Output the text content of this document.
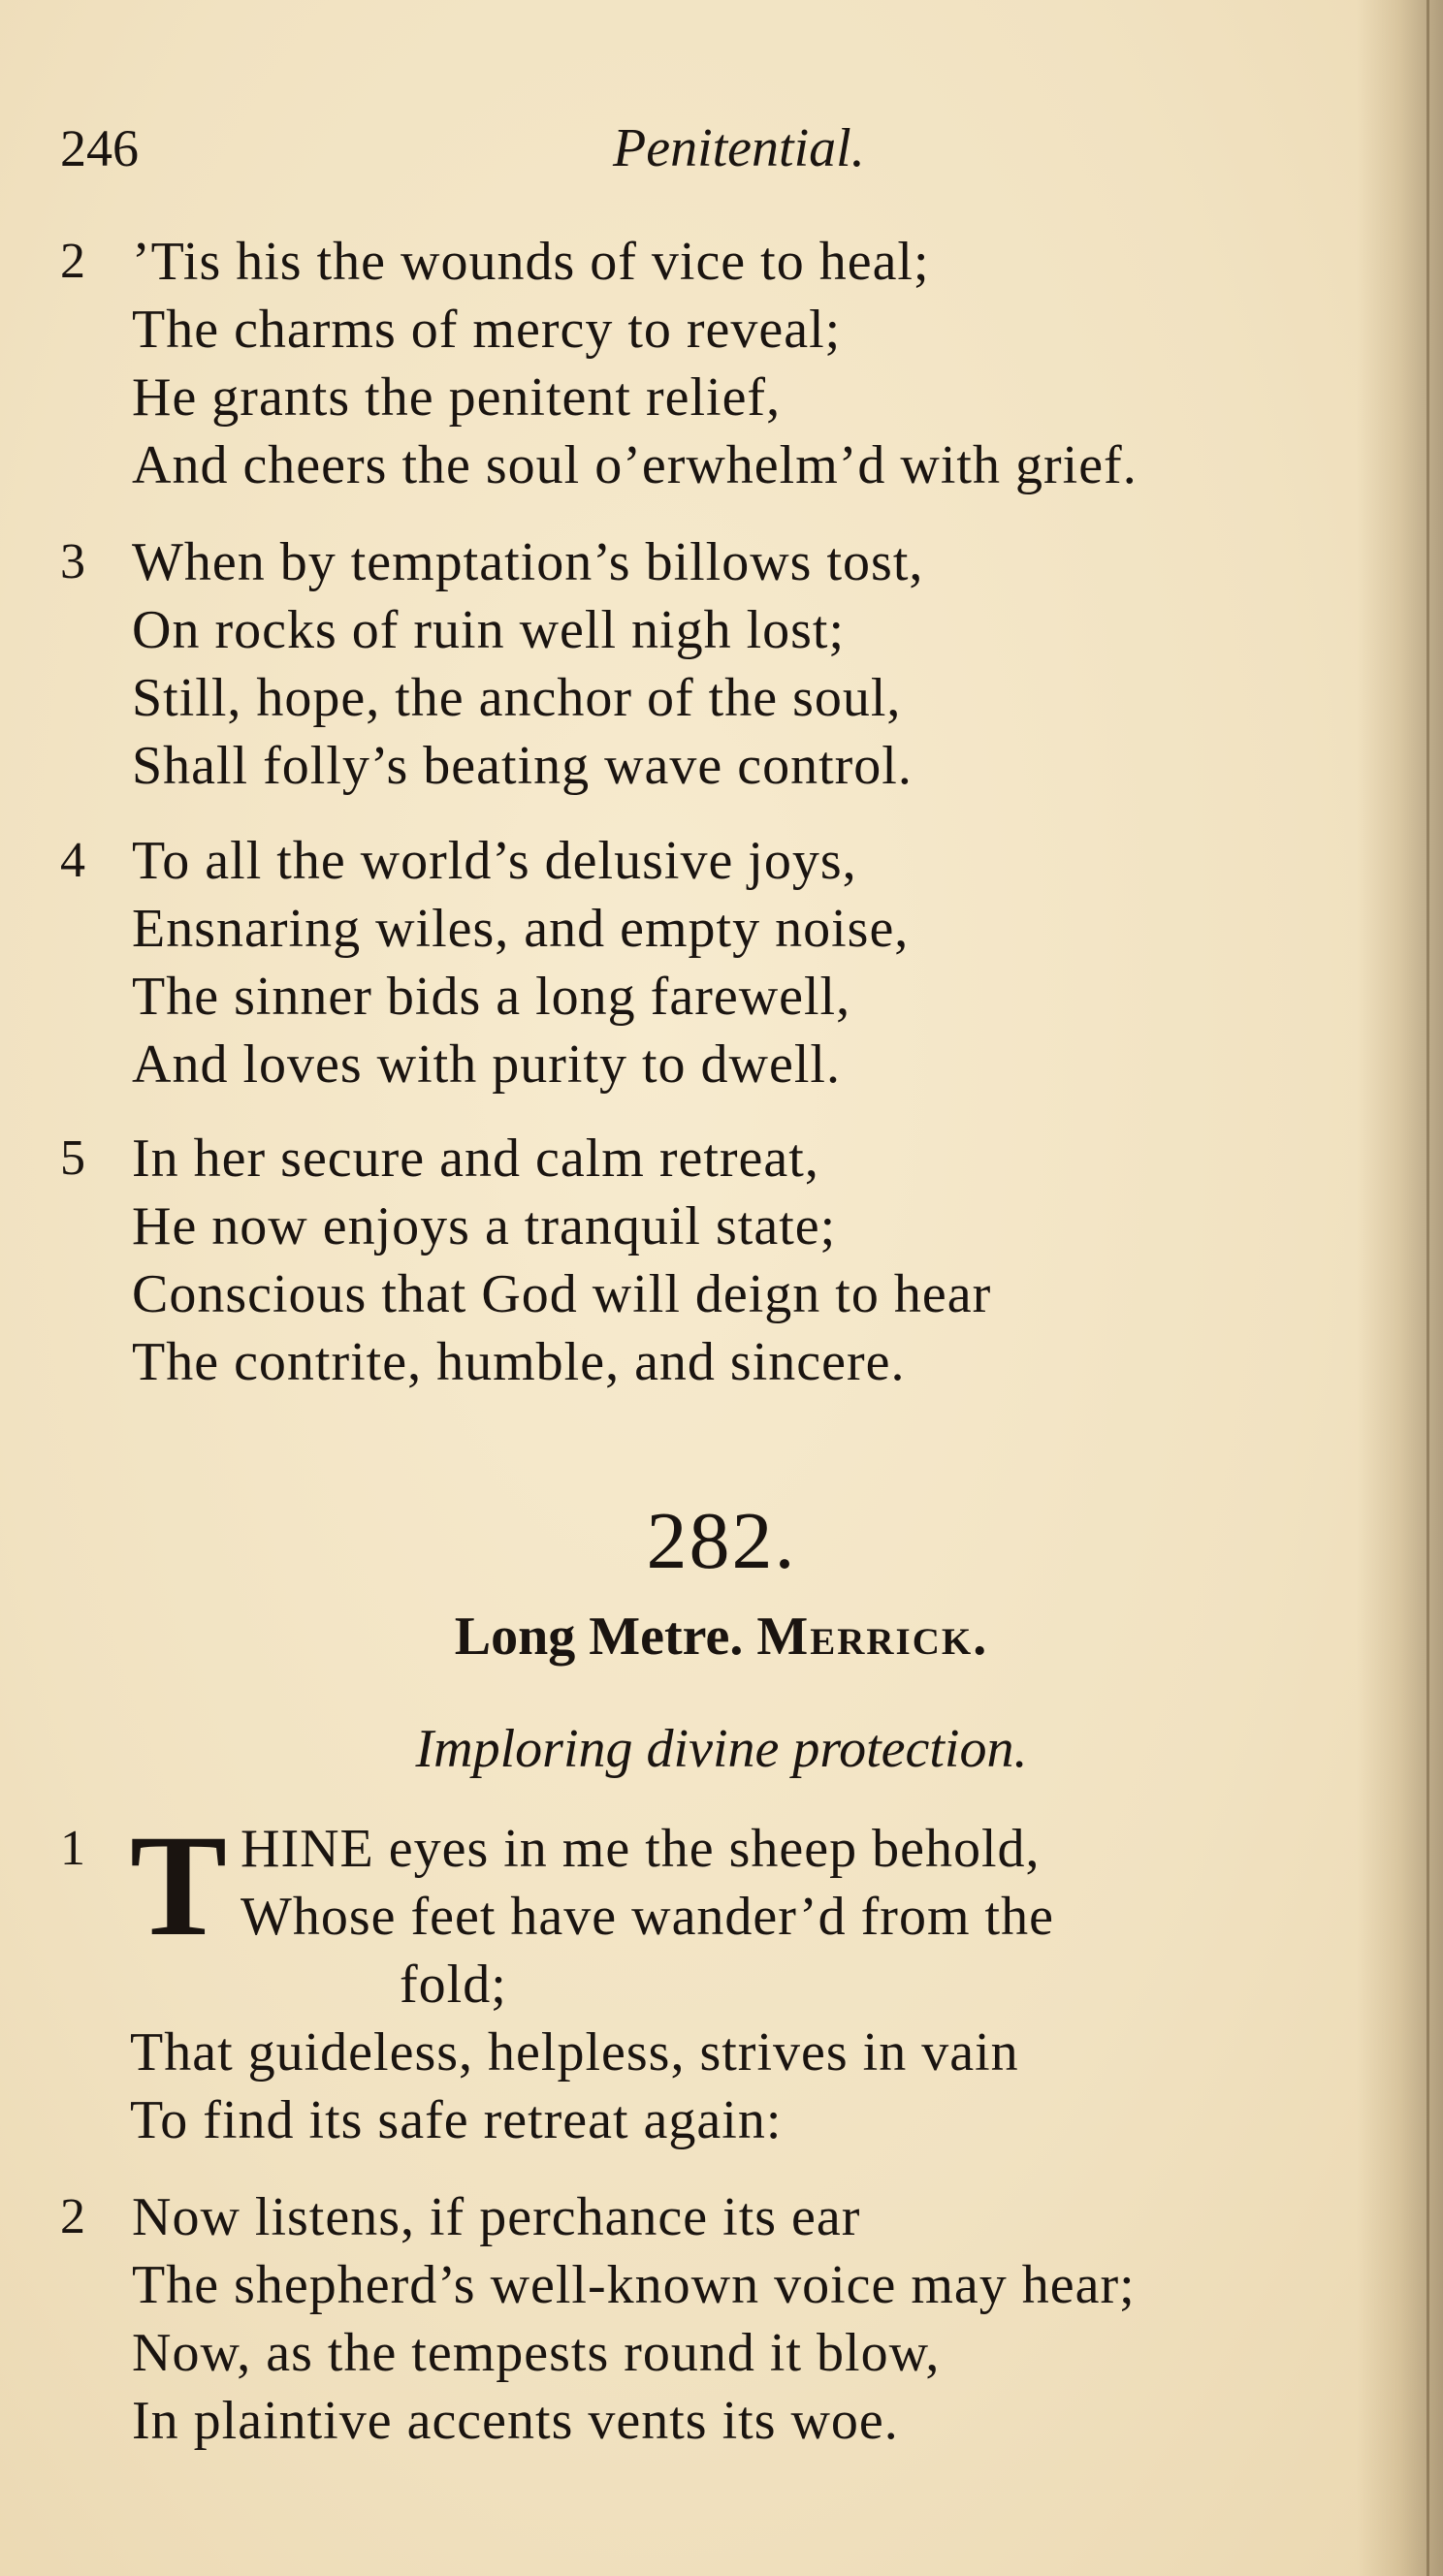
246	Penitential.
2 ’Tis his the wounds of vice to heal;
The charms of mercy to reveal;
He grants the penitent relief,
And cheers the soul o’erwhelm’d with grief.
3 When by temptation’s billows tost,
On rocks of ruin well nigh lost;
Still, hope, the anchor of the soul,
Shall folly’s beating wave control.
4 To all the world’s delusive joys,
Ensnaring wiles, and empty noise,
The sinner bids a long farewell,
And loves with purity to dwell.
5 In her secure and calm retreat,
He now enjoys a tranquil state;
Conscious that God will deign to hear
The contrite, humble, and sincere.
282.
Long Metre. Merrick.
Imploring divine protection.
1 T HINE eyes in me the sheep behold,
Whose feet have wander’d from the
fold;
That guideless, helpless, strives in vain
To find its safe retreat again:
2 Now listens, if perchance its ear
The shepherd’s well-known voice may hear;
Now, as the tempests round it blow,
In plaintive accents vents its woe.
